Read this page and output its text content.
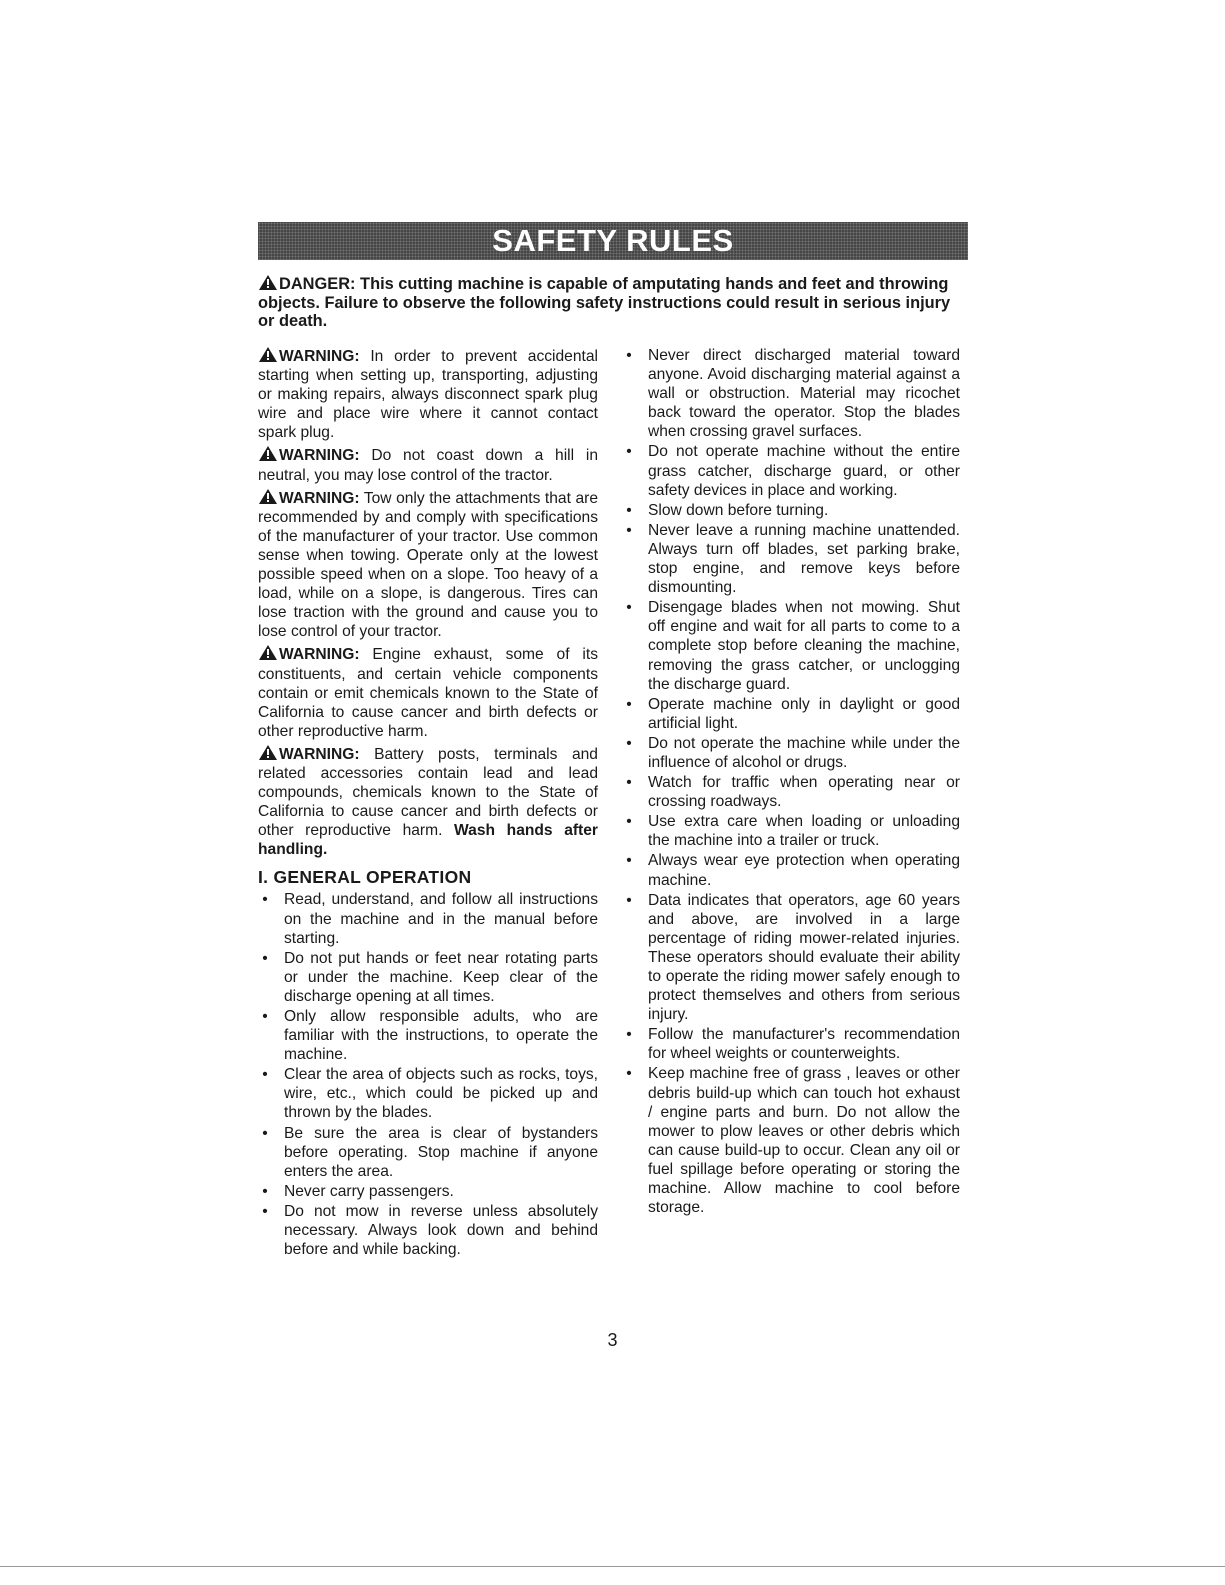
SAFETY RULES
DANGER: This cutting machine is capable of amputating hands and feet and throwing objects. Failure to observe the following safety instructions could result in serious injury or death.

WARNING: In order to prevent accidental starting when setting up, transporting, adjusting or making repairs, always disconnect spark plug wire and place wire where it cannot contact spark plug.

WARNING: Do not coast down a hill in neutral, you may lose control of the tractor.

WARNING: Tow only the attachments that are recommended by and comply with specifications of the manufacturer of your tractor. Use common sense when towing. Operate only at the lowest possible speed when on a slope. Too heavy of a load, while on a slope, is dangerous. Tires can lose traction with the ground and cause you to lose control of your tractor.

WARNING: Engine exhaust, some of its constituents, and certain vehicle components contain or emit chemicals known to the State of California to cause cancer and birth defects or other reproductive harm.

WARNING: Battery posts, terminals and related accessories contain lead and lead compounds, chemicals known to the State of California to cause cancer and birth defects or other reproductive harm. Wash hands after handling.

I. GENERAL OPERATION
• Read, understand, and follow all instructions on the machine and in the manual before starting.
• Do not put hands or feet near rotating parts or under the machine. Keep clear of the discharge opening at all times.
• Only allow responsible adults, who are familiar with the instructions, to operate the machine.
• Clear the area of objects such as rocks, toys, wire, etc., which could be picked up and thrown by the blades.
• Be sure the area is clear of bystanders before operating. Stop machine if anyone enters the area.
• Never carry passengers.
• Do not mow in reverse unless absolutely necessary. Always look down and behind before and while backing.
• Never direct discharged material toward anyone. Avoid discharging material against a wall or obstruction. Material may ricochet back toward the operator. Stop the blades when crossing gravel surfaces.
• Do not operate machine without the entire grass catcher, discharge guard, or other safety devices in place and working.
• Slow down before turning.
• Never leave a running machine unattended. Always turn off blades, set parking brake, stop engine, and remove keys before dismounting.
• Disengage blades when not mowing. Shut off engine and wait for all parts to come to a complete stop before cleaning the machine, removing the grass catcher, or unclogging the discharge guard.
• Operate machine only in daylight or good artificial light.
• Do not operate the machine while under the influence of alcohol or drugs.
• Watch for traffic when operating near or crossing roadways.
• Use extra care when loading or unloading the machine into a trailer or truck.
• Always wear eye protection when operating machine.
• Data indicates that operators, age 60 years and above, are involved in a large percentage of riding mower-related injuries. These operators should evaluate their ability to operate the riding mower safely enough to protect themselves and others from serious injury.
• Follow the manufacturer's recommendation for wheel weights or counterweights.
• Keep machine free of grass , leaves or other debris build-up which can touch hot exhaust / engine parts and burn. Do not allow the mower to plow leaves or other debris which can cause build-up to occur. Clean any oil or fuel spillage before operating or storing the machine. Allow machine to cool before storage.
3
